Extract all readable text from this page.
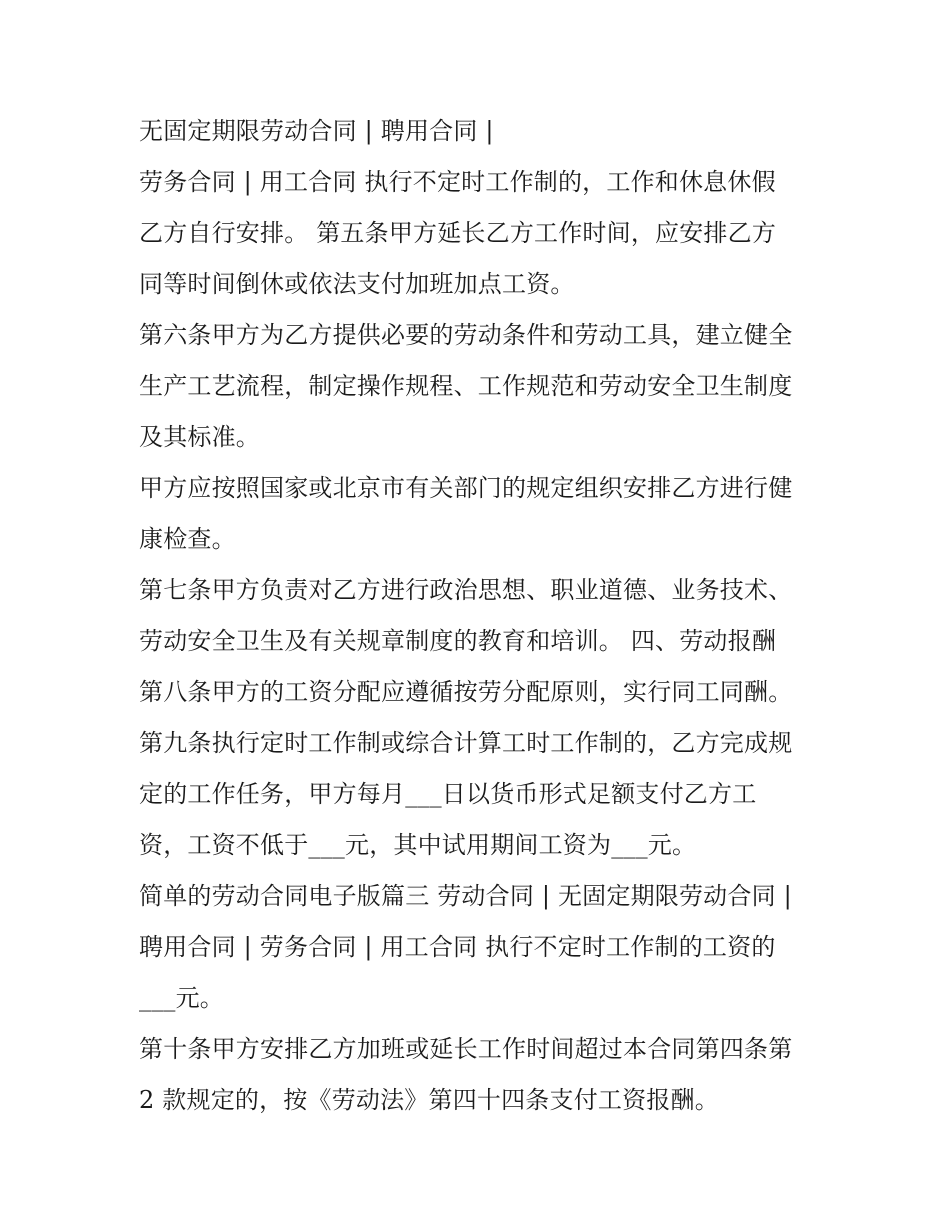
无固定期限劳动合同 | 聘用合同 |
劳务合同 | 用工合同 执行不定时工作制的，工作和休息休假
乙方自行安排。 第五条甲方延长乙方工作时间，应安排乙方
同等时间倒休或依法支付加班加点工资。
第六条甲方为乙方提供必要的劳动条件和劳动工具，建立健全
生产工艺流程，制定操作规程、工作规范和劳动安全卫生制度
及其标准。
甲方应按照国家或北京市有关部门的规定组织安排乙方进行健
康检查。
第七条甲方负责对乙方进行政治思想、职业道德、业务技术、
劳动安全卫生及有关规章制度的教育和培训。 四、劳动报酬
第八条甲方的工资分配应遵循按劳分配原则，实行同工同酬。
第九条执行定时工作制或综合计算工时工作制的，乙方完成规
定的工作任务，甲方每月___日以货币形式足额支付乙方工
资，工资不低于___元，其中试用期间工资为___元。
简单的劳动合同电子版篇三 劳动合同 | 无固定期限劳动合同 |
聘用合同 | 劳务合同 | 用工合同 执行不定时工作制的工资的
___元。
第十条甲方安排乙方加班或延长工作时间超过本合同第四条第
2 款规定的，按《劳动法》第四十四条支付工资报酬。
